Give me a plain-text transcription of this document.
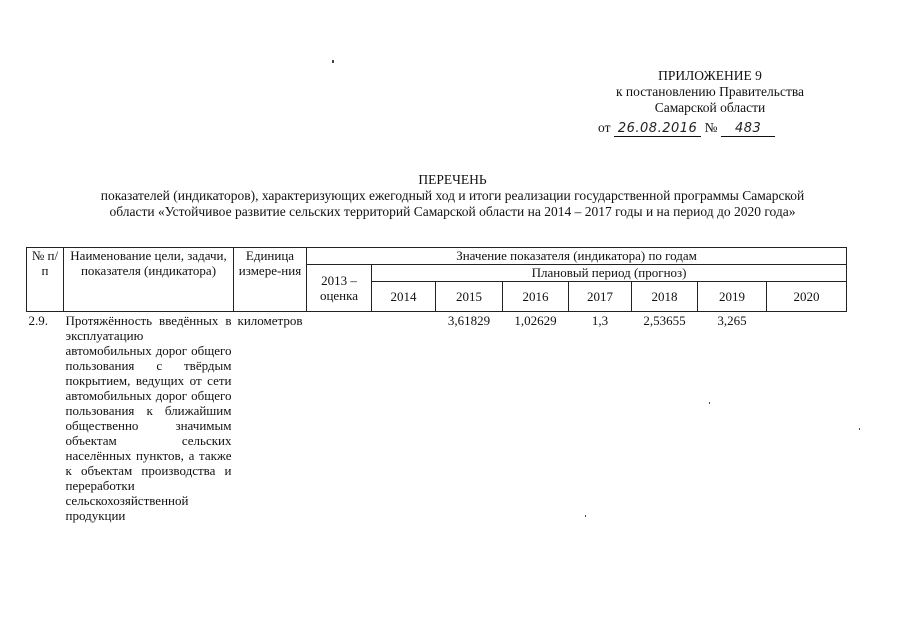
ПРИЛОЖЕНИЕ 9
к постановлению Правительства
Самарской области
от 26.08.2016 № 483
ПЕРЕЧЕНЬ
показателей (индикаторов), характеризующих ежегодный ход и итоги реализации государственной программы Самарской
области «Устойчивое развитие сельских территорий Самарской области на 2014 – 2017 годы и на период до 2020 года»
№ п/п	Наименование цели, задачи, показателя (индикатора)	Единица измере-ния	Значение показателя (индикатора) по годам							
			2013 – оценка	Плановый период (прогноз)						
				2014	2015	2016	2017	2018	2019	2020
2.9.	Протяжённость введённых в эксплуатацию автомобильных дорог общего пользования с твёрдым покрытием, ведущих от сети автомобильных дорог общего пользования к ближайшим общественно значимым объектам сельских населённых пунктов, а также к объектам производства и переработки сельскохозяйственной продукции	километров			3,61829	1,02629	1,3	2,53655	3,265	
